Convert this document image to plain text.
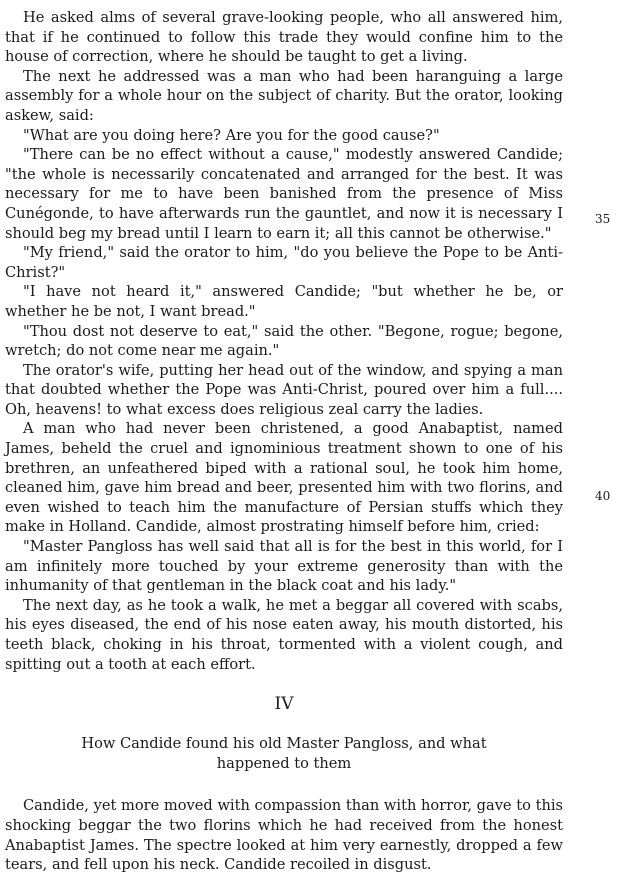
He asked alms of several grave-looking people, who all answered him, that if he continued to follow this trade they would confine him to the house of correction, where he should be taught to get a living.

The next he addressed was a man who had been haranguing a large assembly for a whole hour on the subject of charity. But the orator, looking askew, said:

"What are you doing here? Are you for the good cause?"

"There can be no effect without a cause," modestly answered Candide; "the whole is necessarily concatenated and arranged for the best. It was necessary for me to have been banished from the presence of Miss Cunégonde, to have afterwards run the gauntlet, and now it is necessary I should beg my bread until I learn to earn it; all this cannot be otherwise."

"My friend," said the orator to him, "do you believe the Pope to be Anti-Christ?"

"I have not heard it," answered Candide; "but whether he be, or whether he be not, I want bread."

"Thou dost not deserve to eat," said the other. "Begone, rogue; begone, wretch; do not come near me again."

The orator's wife, putting her head out of the window, and spying a man that doubted whether the Pope was Anti-Christ, poured over him a full.... Oh, heavens! to what excess does religious zeal carry the ladies.

A man who had never been christened, a good Anabaptist, named James, beheld the cruel and ignominious treatment shown to one of his brethren, an unfeathered biped with a rational soul, he took him home, cleaned him, gave him bread and beer, presented him with two florins, and even wished to teach him the manufacture of Persian stuffs which they make in Holland. Candide, almost prostrating himself before him, cried:

"Master Pangloss has well said that all is for the best in this world, for I am infinitely more touched by your extreme generosity than with the inhumanity of that gentleman in the black coat and his lady."

The next day, as he took a walk, he met a beggar all covered with scabs, his eyes diseased, the end of his nose eaten away, his mouth distorted, his teeth black, choking in his throat, tormented with a violent cough, and spitting out a tooth at each effort.

IV
How Candide found his old Master Pangloss, and what happened to them

Candide, yet more moved with compassion than with horror, gave to this shocking beggar the two florins which he had received from the honest Anabaptist James. The spectre looked at him very earnestly, dropped a few tears, and fell upon his neck. Candide recoiled in disgust.

35
40
